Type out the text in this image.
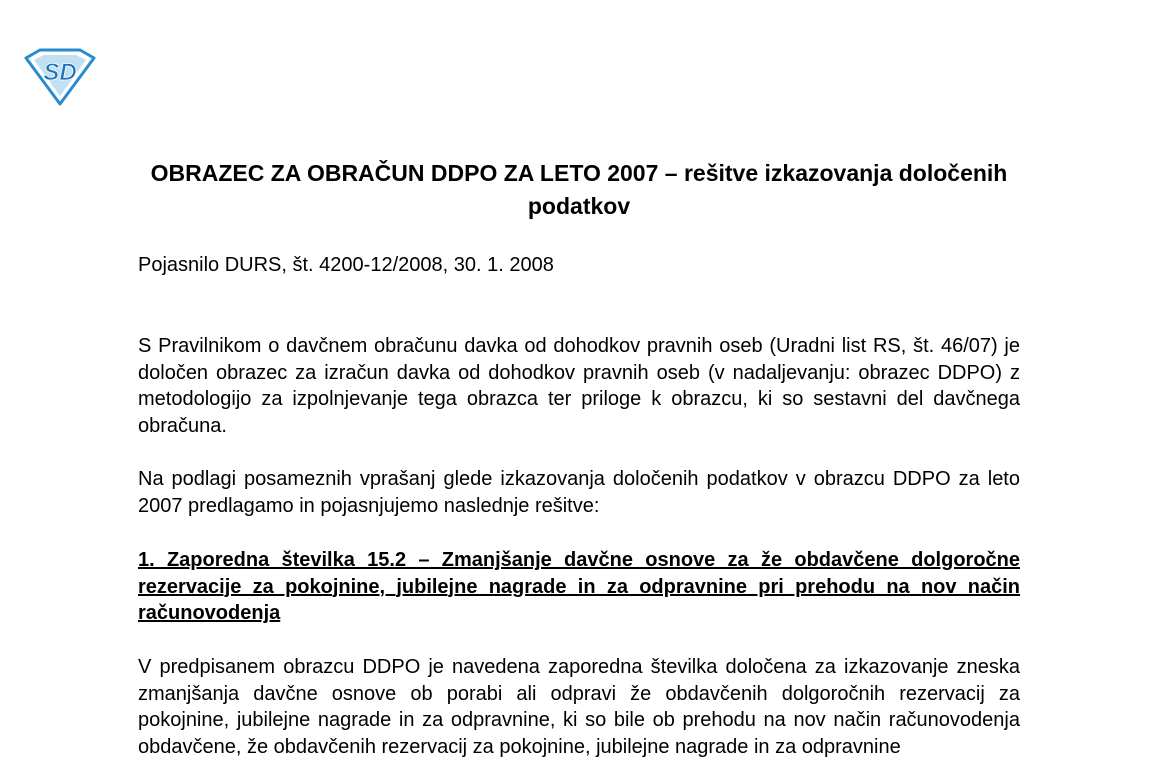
SD
OBRAZEC ZA OBRAČUN DDPO ZA LETO 2007 – rešitve izkazovanja določenih podatkov

Pojasnilo DURS, št. 4200-12/2008, 30. 1. 2008

S Pravilnikom o davčnem obračunu davka od dohodkov pravnih oseb (Uradni list RS, št. 46/07) je določen obrazec za izračun davka od dohodkov pravnih oseb (v nadaljevanju: obrazec DDPO) z metodologijo za izpolnjevanje tega obrazca ter priloge k obrazcu, ki so sestavni del davčnega obračuna.

Na podlagi posameznih vprašanj glede izkazovanja določenih podatkov v obrazcu DDPO za leto 2007 predlagamo in pojasnjujemo naslednje rešitve:

1. Zaporedna številka 15.2 – Zmanjšanje davčne osnove za že obdavčene dolgoročne rezervacije za pokojnine, jubilejne nagrade in za odpravnine pri prehodu na nov način računovodenja

V predpisanem obrazcu DDPO je navedena zaporedna številka določena za izkazovanje zneska zmanjšanja davčne osnove ob porabi ali odpravi že obdavčenih dolgoročnih rezervacij za pokojnine, jubilejne nagrade in za odpravnine, ki so bile ob prehodu na nov način računovodenja obdavčene, že obdavčenih rezervacij za pokojnine, jubilejne nagrade in za odpravnine
